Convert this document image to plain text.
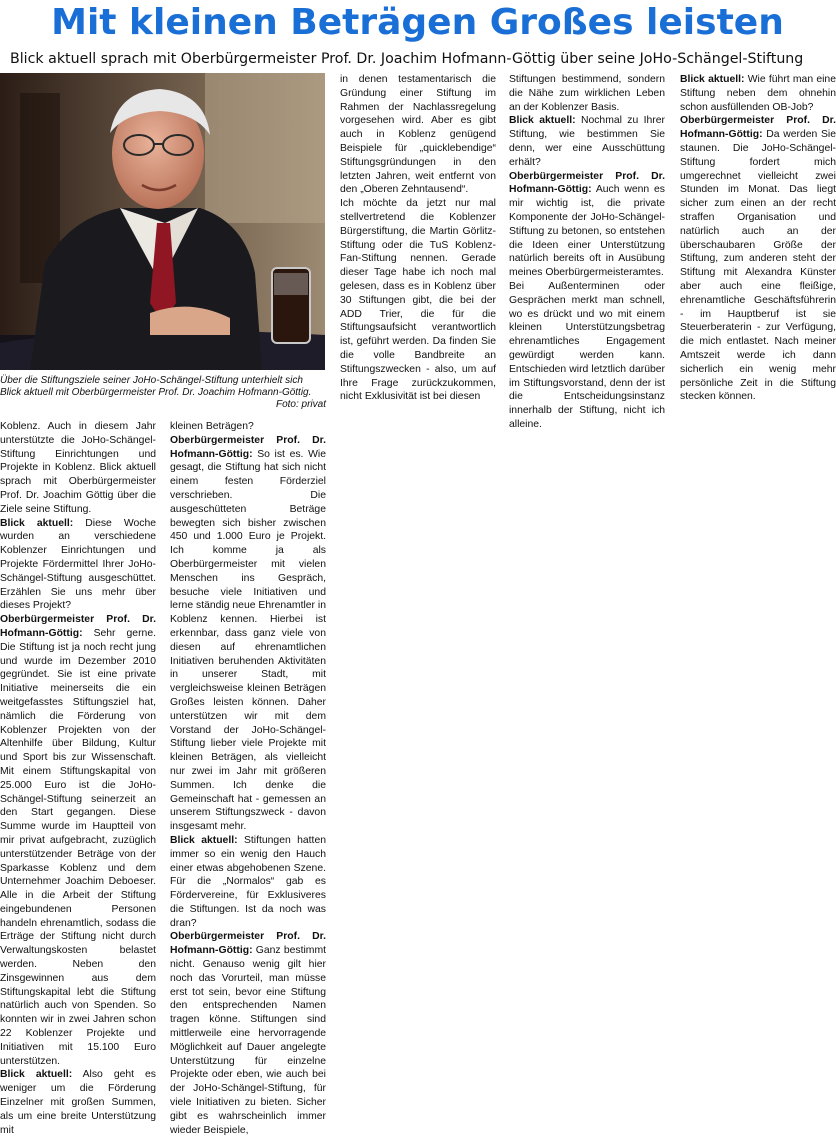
Mit kleinen Beträgen Großes leisten

Blick aktuell sprach mit Oberbürgermeister Prof. Dr. Joachim Hofmann-Göttig über seine JoHo-Schängel-Stiftung

Über die Stiftungsziele seiner JoHo-Schängel-Stiftung unterhielt sich Blick aktuell mit Oberbürgermeister Prof. Dr. Joachim Hofmann-Göttig.
Foto: privat

Koblenz. Auch in diesem Jahr unterstützte die JoHo-Schängel-Stiftung Einrichtungen und Projekte in Koblenz. Blick aktuell sprach mit Oberbürgermeister Prof. Dr. Joachim Göttig über die Ziele seine Stiftung.

Blick aktuell: Diese Woche wurden an verschiedene Koblenzer Einrichtungen und Projekte Fördermittel Ihrer JoHo-Schängel-Stiftung ausgeschüttet. Erzählen Sie uns mehr über dieses Projekt?

Oberbürgermeister Prof. Dr. Hofmann-Göttig: Sehr gerne. Die Stiftung ist ja noch recht jung und wurde im Dezember 2010 gegründet. Sie ist eine private Initiative meinerseits die ein weitgefasstes Stiftungsziel hat, nämlich die Förderung von Koblenzer Projekten von der Altenhilfe über Bildung, Kultur und Sport bis zur Wissenschaft. Mit einem Stiftungskapital von 25.000 Euro ist die JoHo-Schängel-Stiftung seinerzeit an den Start gegangen. Diese Summe wurde im Hauptteil von mir privat aufgebracht, zuzüglich unterstützender Beträge von der Sparkasse Koblenz und dem Unternehmer Joachim Deboeser. Alle in die Arbeit der Stiftung eingebundenen Personen handeln ehrenamtlich, sodass die Erträge der Stiftung nicht durch Verwaltungskosten belastet werden. Neben den Zinsgewinnen aus dem Stiftungskapital lebt die Stiftung natürlich auch von Spenden. So konnten wir in zwei Jahren schon 22 Koblenzer Projekte und Initiativen mit 15.100 Euro unterstützen.

Blick aktuell: Also geht es weniger um die Förderung Einzelner mit großen Summen, als um eine breite Unterstützung mit

kleinen Beträgen?

Oberbürgermeister Prof. Dr. Hofmann-Göttig: So ist es. Wie gesagt, die Stiftung hat sich nicht einem festen Förderziel verschrieben. Die ausgeschütteten Beträge bewegten sich bisher zwischen 450 und 1.000 Euro je Projekt. Ich komme ja als Oberbürgermeister mit vielen Menschen ins Gespräch, besuche viele Initiativen und lerne ständig neue Ehrenamtler in Koblenz kennen. Hierbei ist erkennbar, dass ganz viele von diesen auf ehrenamtlichen Initiativen beruhenden Aktivitäten in unserer Stadt, mit vergleichsweise kleinen Beträgen Großes leisten können. Daher unterstützen wir mit dem Vorstand der JoHo-Schängel-Stiftung lieber viele Projekte mit kleinen Beträgen, als vielleicht nur zwei im Jahr mit größeren Summen. Ich denke die Gemeinschaft hat - gemessen an unserem Stiftungszweck - davon insgesamt mehr.

Blick aktuell: Stiftungen hatten immer so ein wenig den Hauch einer etwas abgehobenen Szene. Für die „Normalos“ gab es Fördervereine, für Exklusiveres die Stiftungen. Ist da noch was dran?

Oberbürgermeister Prof. Dr. Hofmann-Göttig: Ganz bestimmt nicht. Genauso wenig gilt hier noch das Vorurteil, man müsse erst tot sein, bevor eine Stiftung den entsprechenden Namen tragen könne. Stiftungen sind mittlerweile eine hervorragende Möglichkeit auf Dauer angelegte Unterstützung für einzelne Projekte oder eben, wie auch bei der JoHo-Schängel-Stiftung, für viele Initiativen zu bieten. Sicher gibt es wahrscheinlich immer wieder Beispiele,

in denen testamentarisch die Gründung einer Stiftung im Rahmen der Nachlassregelung vorgesehen wird. Aber es gibt auch in Koblenz genügend Beispiele für „quicklebendige“ Stiftungsgründungen in den letzten Jahren, weit entfernt von den „Oberen Zehntausend“.

Ich möchte da jetzt nur mal stellvertretend die Koblenzer Bürgerstiftung, die Martin Görlitz-Stiftung oder die TuS Koblenz-Fan-Stiftung nennen. Gerade dieser Tage habe ich noch mal gelesen, dass es in Koblenz über 30 Stiftungen gibt, die bei der ADD Trier, die für die Stiftungsaufsicht verantwortlich ist, geführt werden. Da finden Sie die volle Bandbreite an Stiftungszwecken - also, um auf Ihre Frage zurückzukommen, nicht Exklusivität ist bei diesen

Stiftungen bestimmend, sondern die Nähe zum wirklichen Leben an der Koblenzer Basis.

Blick aktuell: Nochmal zu Ihrer Stiftung, wie bestimmen Sie denn, wer eine Ausschüttung erhält?

Oberbürgermeister Prof. Dr. Hofmann-Göttig: Auch wenn es mir wichtig ist, die private Komponente der JoHo-Schängel-Stiftung zu betonen, so entstehen die Ideen einer Unterstützung natürlich bereits oft in Ausübung meines Oberbürgermeisteramtes.

Bei Außenterminen oder Gesprächen merkt man schnell, wo es drückt und wo mit einem kleinen Unterstützungsbetrag ehrenamtliches Engagement gewürdigt werden kann. Entschieden wird letztlich darüber im Stiftungsvorstand, denn der ist die Entscheidungsinstanz innerhalb der Stiftung, nicht ich alleine.

Blick aktuell: Wie führt man eine Stiftung neben dem ohnehin schon ausfüllenden OB-Job?

Oberbürgermeister Prof. Dr. Hofmann-Göttig: Da werden Sie staunen. Die JoHo-Schängel-Stiftung fordert mich umgerechnet vielleicht zwei Stunden im Monat. Das liegt sicher zum einen an der recht straffen Organisation und natürlich auch an der überschaubaren Größe der Stiftung, zum anderen steht der Stiftung mit Alexandra Künster aber auch eine fleißige, ehrenamtliche Geschäftsführerin - im Hauptberuf ist sie Steuerberaterin - zur Verfügung, die mich entlastet. Nach meiner Amtszeit werde ich dann sicherlich ein wenig mehr persönliche Zeit in die Stiftung stecken können.
